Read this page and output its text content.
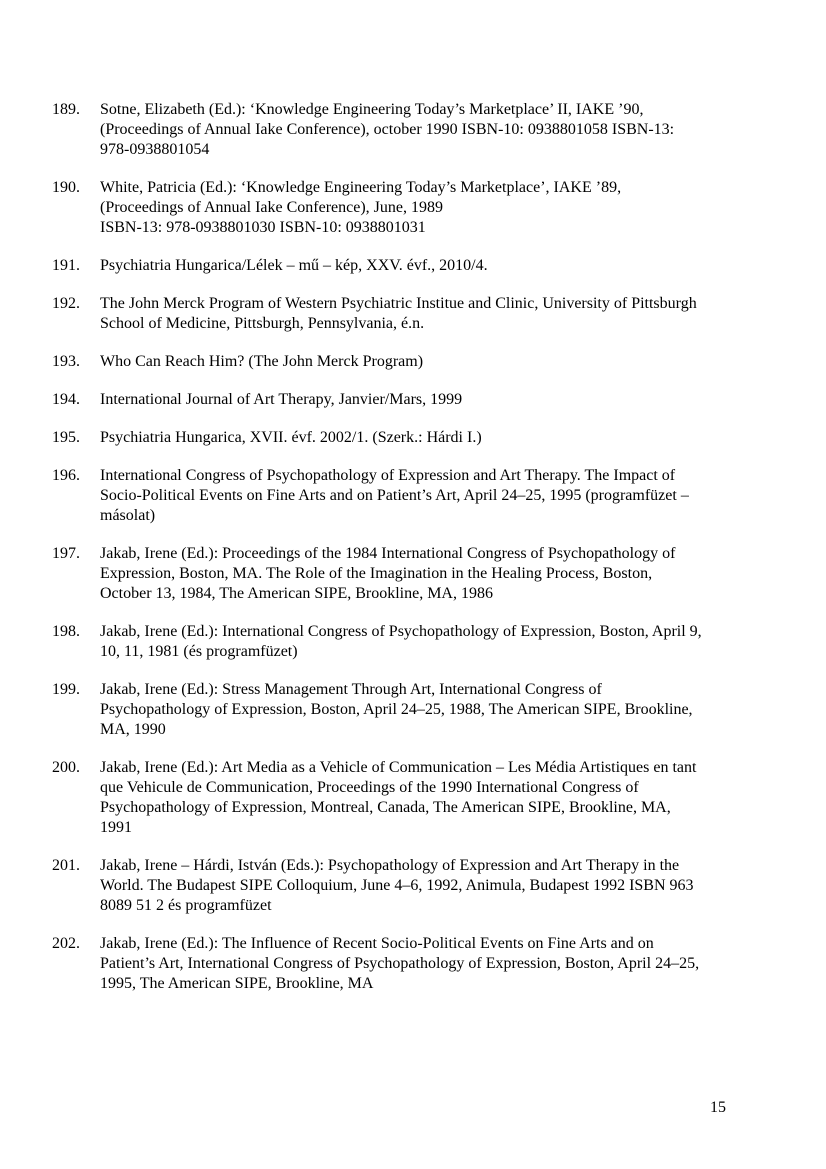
189.	Sotne, Elizabeth (Ed.): ‘Knowledge Engineering Today’s Marketplace’ II, IAKE ’90,
(Proceedings of Annual Iake Conference), october 1990 ISBN-10: 0938801058 ISBN-13:
978-0938801054
190.	White, Patricia (Ed.): ‘Knowledge Engineering Today’s Marketplace’, IAKE ’89,
(Proceedings of Annual Iake Conference), June, 1989
ISBN-13: 978-0938801030 ISBN-10: 0938801031
191.	Psychiatria Hungarica/Lélek – mű – kép, XXV. évf., 2010/4.
192.	The John Merck Program of Western Psychiatric Institue and Clinic, University of Pittsburgh
School of Medicine, Pittsburgh, Pennsylvania, é.n.
193.	Who Can Reach Him? (The John Merck Program)
194.	International Journal of Art Therapy, Janvier/Mars, 1999
195.	Psychiatria Hungarica, XVII. évf. 2002/1. (Szerk.: Hárdi I.)
196.	International Congress of Psychopathology of Expression and Art Therapy. The Impact of
Socio-Political Events on Fine Arts and on Patient’s Art, April 24–25, 1995 (programfüzet –
másolat)
197.	Jakab, Irene (Ed.): Proceedings of the 1984 International Congress of Psychopathology of
Expression, Boston, MA. The Role of the Imagination in the Healing Process, Boston,
October 13, 1984, The American SIPE, Brookline, MA, 1986
198.	Jakab, Irene (Ed.): International Congress of Psychopathology of Expression, Boston, April 9,
10, 11, 1981 (és programfüzet)
199.	Jakab, Irene (Ed.): Stress Management Through Art, International Congress of
Psychopathology of Expression, Boston, April 24–25, 1988, The American SIPE, Brookline,
MA, 1990
200.	Jakab, Irene (Ed.): Art Media as a Vehicle of Communication – Les Média Artistiques en tant
que Vehicule de Communication, Proceedings of the 1990 International Congress of
Psychopathology of Expression, Montreal, Canada, The American SIPE, Brookline, MA,
1991
201.	Jakab, Irene – Hárdi, István (Eds.): Psychopathology of Expression and Art Therapy in the
World. The Budapest SIPE Colloquium, June 4–6, 1992, Animula, Budapest 1992 ISBN 963
8089 51 2 és programfüzet
202.	Jakab, Irene (Ed.): The Influence of Recent Socio-Political Events on Fine Arts and on
Patient’s Art, International Congress of Psychopathology of Expression, Boston, April 24–25,
1995, The American SIPE, Brookline, MA
15
